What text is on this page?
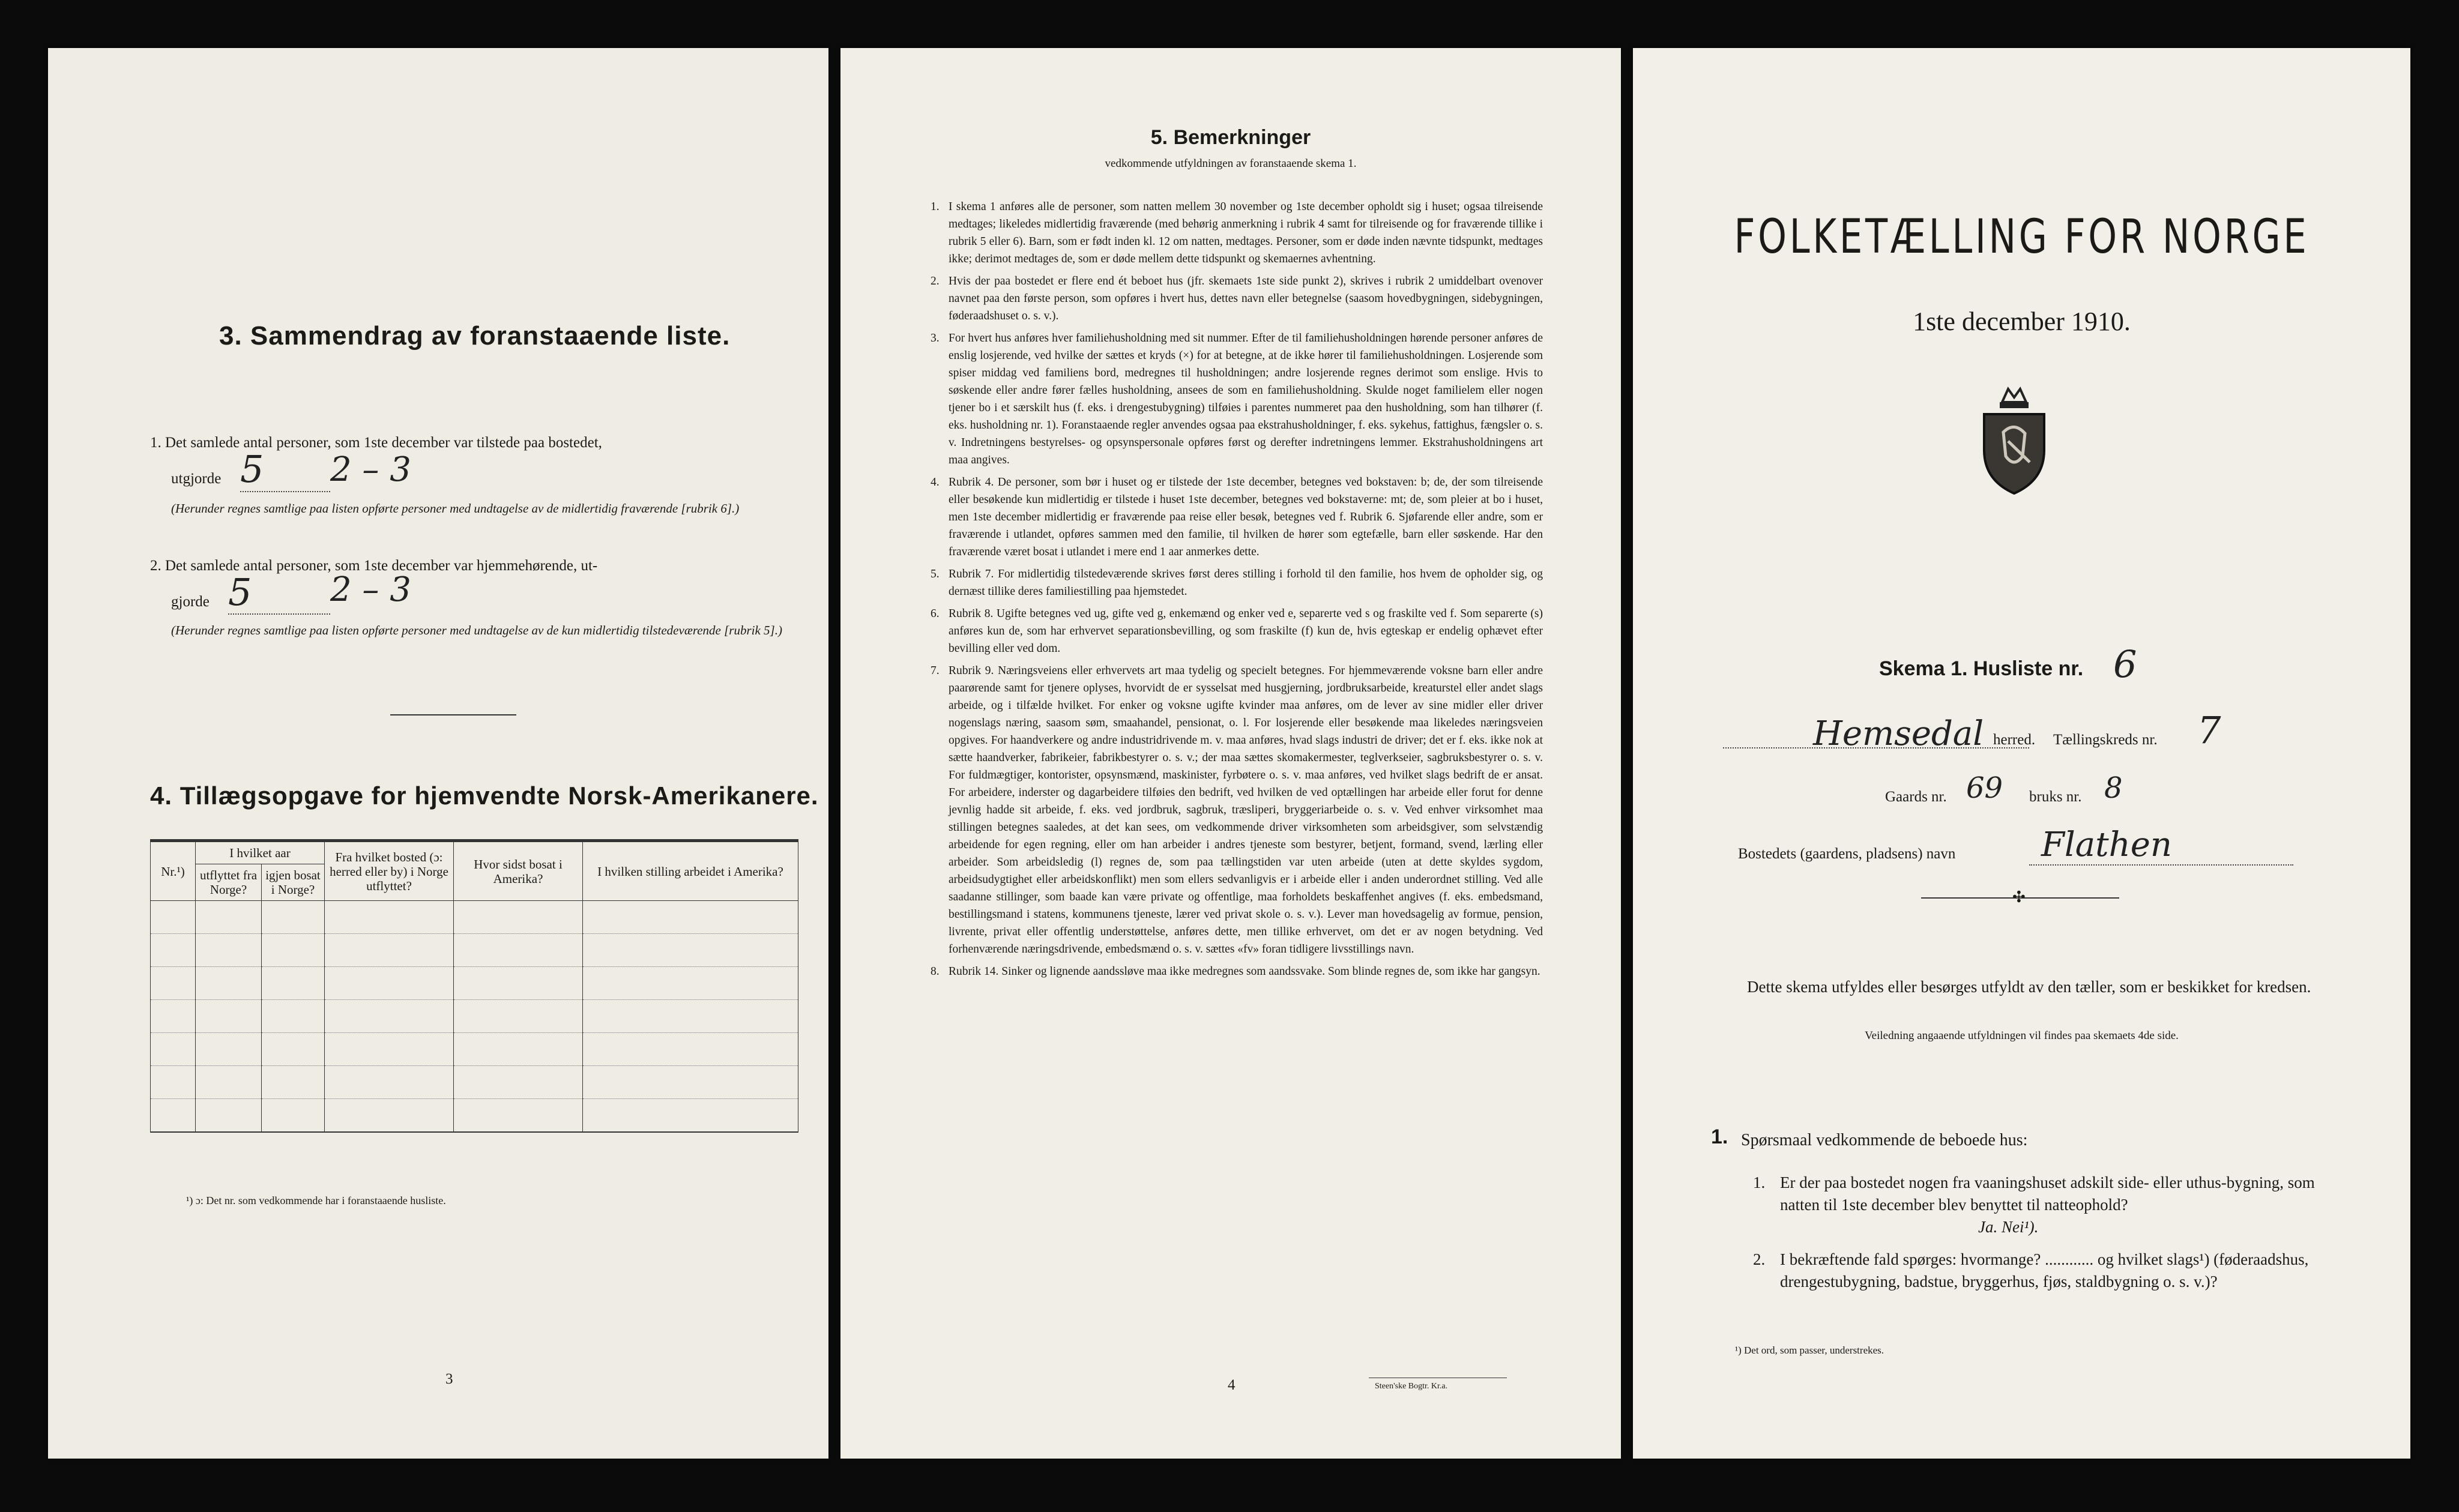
3. Sammendrag av foranstaaende liste.
1. Det samlede antal personer, som 1ste december var tilstede paa bostedet,
utgjorde 5 2 – 3
(Herunder regnes samtlige paa listen opførte personer med undtagelse av de midlertidig fraværende [rubrik 6].)
2. Det samlede antal personer, som 1ste december var hjemmehørende, ut-
gjorde 5 2 – 3
(Herunder regnes samtlige paa listen opførte personer med undtagelse av de kun midlertidig tilstedeværende [rubrik 5].)
4. Tillægsopgave for hjemvendte Norsk-Amerikanere.
Nr.¹)	I hvilket aar		Fra hvilket bosted (ɔ: herred eller by) i Norge utflyttet?	Hvor sidst bosat i Amerika?	I hvilken stilling arbeidet i Amerika?
	utflyttet fra Norge?	igjen bosat i Norge?			

¹) ɔ: Det nr. som vedkommende har i foranstaaende husliste.
3
5. Bemerkninger
vedkommende utfyldningen av foranstaaende skema 1.

1. I skema 1 anføres alle de personer, som natten mellem 30 november og 1ste december opholdt sig i huset; ogsaa tilreisende medtages; likeledes midlertidig fraværende (med behørig anmerkning i rubrik 4 samt for tilreisende og for fraværende tillike i rubrik 5 eller 6). Barn, som er født inden kl. 12 om natten, medtages. Personer, som er døde inden nævnte tidspunkt, medtages ikke; derimot medtages de, som er døde mellem dette tidspunkt og skemaernes avhentning.

2. Hvis der paa bostedet er flere end ét beboet hus (jfr. skemaets 1ste side punkt 2), skrives i rubrik 2 umiddelbart ovenover navnet paa den første person, som opføres i hvert hus, dettes navn eller betegnelse (saasom hovedbygningen, sidebygningen, føderaadshuset o. s. v.).

3. For hvert hus anføres hver familiehusholdning med sit nummer. Efter de til familiehusholdningen hørende personer anføres de enslig losjerende, ved hvilke der sættes et kryds (×) for at betegne, at de ikke hører til familiehusholdningen. Losjerende som spiser middag ved familiens bord, medregnes til husholdningen; andre losjerende regnes derimot som enslige. Hvis to søskende eller andre fører fælles husholdning, ansees de som en familiehusholdning. Skulde noget familielem eller nogen tjener bo i et særskilt hus (f. eks. i drengestubygning) tilføies i parentes nummeret paa den husholdning, som han tilhører (f. eks. husholdning nr. 1). Foranstaaende regler anvendes ogsaa paa ekstrahusholdninger, f. eks. sykehus, fattighus, fængsler o. s. v. Indretningens bestyrelses- og opsynspersonale opføres først og derefter indretningens lemmer. Ekstrahusholdningens art maa angives.

4. Rubrik 4. De personer, som bør i huset og er tilstede der 1ste december, betegnes ved bokstaven: b; de, der som tilreisende eller besøkende kun midlertidig er tilstede i huset 1ste december, betegnes ved bokstaverne: mt; de, som pleier at bo i huset, men 1ste december midlertidig er fraværende paa reise eller besøk, betegnes ved f. Rubrik 6. Sjøfarende eller andre, som er fraværende i utlandet, opføres sammen med den familie, til hvilken de hører som egtefælle, barn eller søskende. Har den fraværende været bosat i utlandet i mere end 1 aar anmerkes dette.

5. Rubrik 7. For midlertidig tilstedeværende skrives først deres stilling i forhold til den familie, hos hvem de opholder sig, og dernæst tillike deres familiestilling paa hjemstedet.

6. Rubrik 8. Ugifte betegnes ved ug, gifte ved g, enkemænd og enker ved e, separerte ved s og fraskilte ved f. Som separerte (s) anføres kun de, som har erhvervet separationsbevilling, og som fraskilte (f) kun de, hvis egteskap er endelig ophævet efter bevilling eller ved dom.

7. Rubrik 9. Næringsveiens eller erhvervets art maa tydelig og specielt betegnes. For hjemmeværende voksne barn eller andre paarørende samt for tjenere oplyses, hvorvidt de er sysselsat med husgjerning, jordbruksarbeide, kreaturstel eller andet slags arbeide, og i tilfælde hvilket. For enker og voksne ugifte kvinder maa anføres, om de lever av sine midler eller driver nogenslags næring, saasom søm, smaahandel, pensionat, o. l. For losjerende eller besøkende maa likeledes næringsveien opgives. For haandverkere og andre industridrivende m. v. maa anføres, hvad slags industri de driver; det er f. eks. ikke nok at sætte haandverker, fabrikeier, fabrikbestyrer o. s. v.; der maa sættes skomakermester, teglverkseier, sagbruksbestyrer o. s. v. For fuldmægtiger, kontorister, opsynsmænd, maskinister, fyrbøtere o. s. v. maa anføres, ved hvilket slags bedrift de er ansat. For arbeidere, inderster og dagarbeidere tilføies den bedrift, ved hvilken de ved optællingen har arbeide eller forut for denne jevnlig hadde sit arbeide, f. eks. ved jordbruk, sagbruk, træsliperi, bryggeriarbeide o. s. v. Ved enhver virksomhet maa stillingen betegnes saaledes, at det kan sees, om vedkommende driver virksomheten som arbeidsgiver, som selvstændig arbeidende for egen regning, eller om han arbeider i andres tjeneste som bestyrer, betjent, formand, svend, lærling eller arbeider. Som arbeidsledig (l) regnes de, som paa tællingstiden var uten arbeide (uten at dette skyldes sygdom, arbeidsudygtighet eller arbeidskonflikt) men som ellers sedvanligvis er i arbeide eller i anden underordnet stilling. Ved alle saadanne stillinger, som baade kan være private og offentlige, maa forholdets beskaffenhet angives (f. eks. embedsmand, bestillingsmand i statens, kommunens tjeneste, lærer ved privat skole o. s. v.). Lever man hovedsagelig av formue, pension, livrente, privat eller offentlig understøttelse, anføres dette, men tillike erhvervet, om det er av nogen betydning. Ved forhenværende næringsdrivende, embedsmænd o. s. v. sættes «fv» foran tidligere livsstillings navn.

8. Rubrik 14. Sinker og lignende aandssløve maa ikke medregnes som aandssvake. Som blinde regnes de, som ikke har gangsyn.

4	Steen'ske Bogtr. Kr.a.
FOLKETÆLLING FOR NORGE
1ste december 1910.
Skema 1. Husliste nr. 6
Hemsedal herred. Tællingskreds nr. 7
Gaards nr. 69 bruks nr. 8
Bostedets (gaardens, pladsens) navn	Flathen
✣
Dette skema utfyldes eller besørges utfyldt av den tæller, som er beskikket for kredsen.
Veiledning angaaende utfyldningen vil findes paa skemaets 4de side.
1. Spørsmaal vedkommende de beboede hus:
1. Er der paa bostedet nogen fra vaaningshuset adskilt side- eller uthus-bygning, som natten til 1ste december blev benyttet til natteophold?
Ja. Nei¹).
2. I bekræftende fald spørges: hvormange? ............ og hvilket slags¹) (føderaadshus, drengestubygning, badstue, bryggerhus, fjøs, staldbygning o. s. v.)?
¹) Det ord, som passer, understrekes.
